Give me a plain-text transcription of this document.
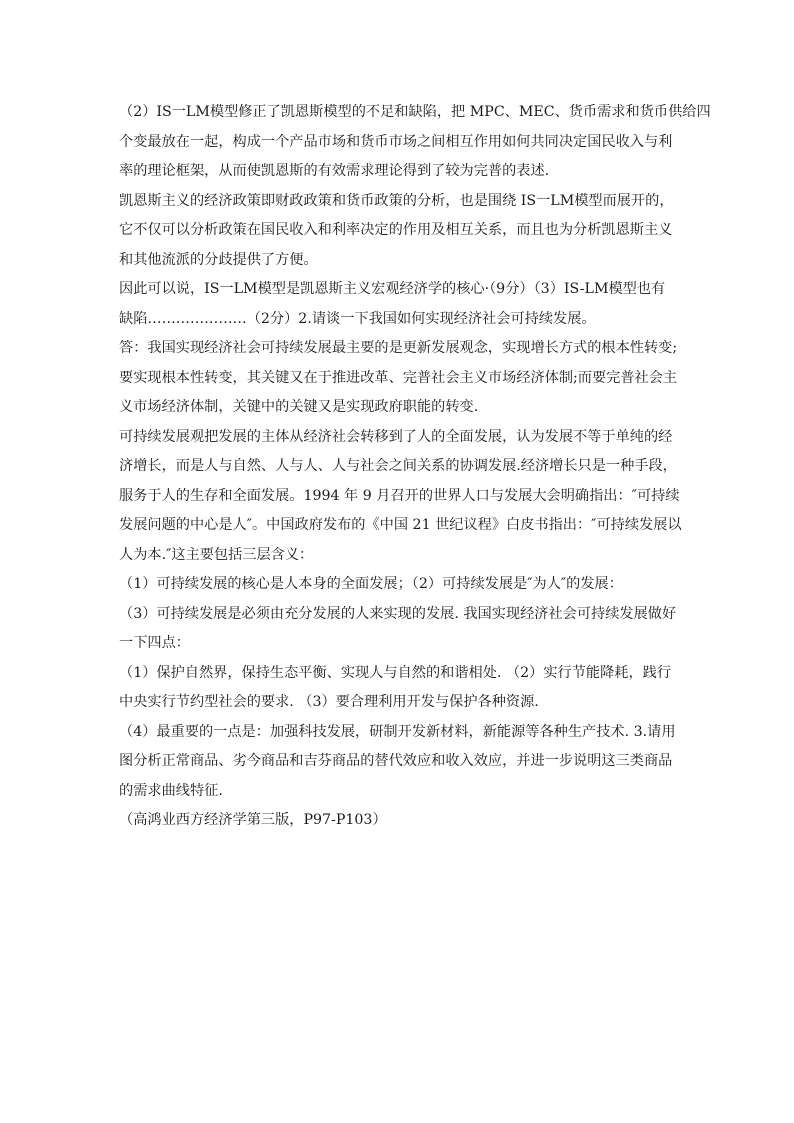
（2）IS一LM模型修正了凯恩斯模型的不足和缺陷，把 MPC、MEC、货币需求和货币供给四
个变最放在一起，构成一个产品市场和货币市场之间相互作用如何共同决定国民收入与利
率的理论框架，从而使凯恩斯的有效需求理论得到了较为完普的表述.

凯恩斯主义的经济政策即财政政策和货币政策的分析，也是围绕 IS一LM模型而展开的，
它不仅可以分析政策在国民收入和利率决定的作用及相互关系，而且也为分析凯恩斯主义
和其他流派的分歧提供了方便。

因此可以说，IS一LM模型是凯恩斯主义宏观经济学的核心·（9分）（3）IS-LM模型也有
缺陷…………………（2分）2.请谈一下我国如何实现经济社会可持续发展。

答：我国实现经济社会可持续发展最主要的是更新发展观念，实现增长方式的根本性转变;
要实现根本性转变，其关键又在于推进改革、完普社会主义市场经济体制;而要完普社会主
义市场经济体制，关键中的关键又是实现政府职能的转变.

可持续发展观把发展的主体从经济社会转移到了人的全面发展，认为发展不等于单纯的经
济增长，而是人与自然、人与人、人与社会之间关系的协调发展.经济增长只是一种手段，
服务于人的生存和全面发展。1994 年 9 月召开的世界人口与发展大会明确指出：″可持续
发展问题的中心是人″。中国政府发布的《中国 21 世纪议程》白皮书指出：″可持续发展以
人为本.″这主要包括三层含义：

（1）可持续发展的核心是人本身的全面发展；（2）可持续发展是″为人″的发展：

（3）可持续发展是必须由充分发展的人来实现的发展. 我国实现经济社会可持续发展做好
一下四点：

（1）保护自然界，保持生态平衡、实现人与自然的和谐相处. （2）实行节能降耗，践行
中央实行节约型社会的要求. （3）要合理利用开发与保护各种资源.

（4）最重要的一点是：加强科技发展，研制开发新材料，新能源等各种生产技术. 3.请用
图分析正常商品、劣今商品和吉芬商品的替代效应和收入效应，并进一步说明这三类商品
的需求曲线特征.

（高鸿业西方经济学第三版，P97-P103）
